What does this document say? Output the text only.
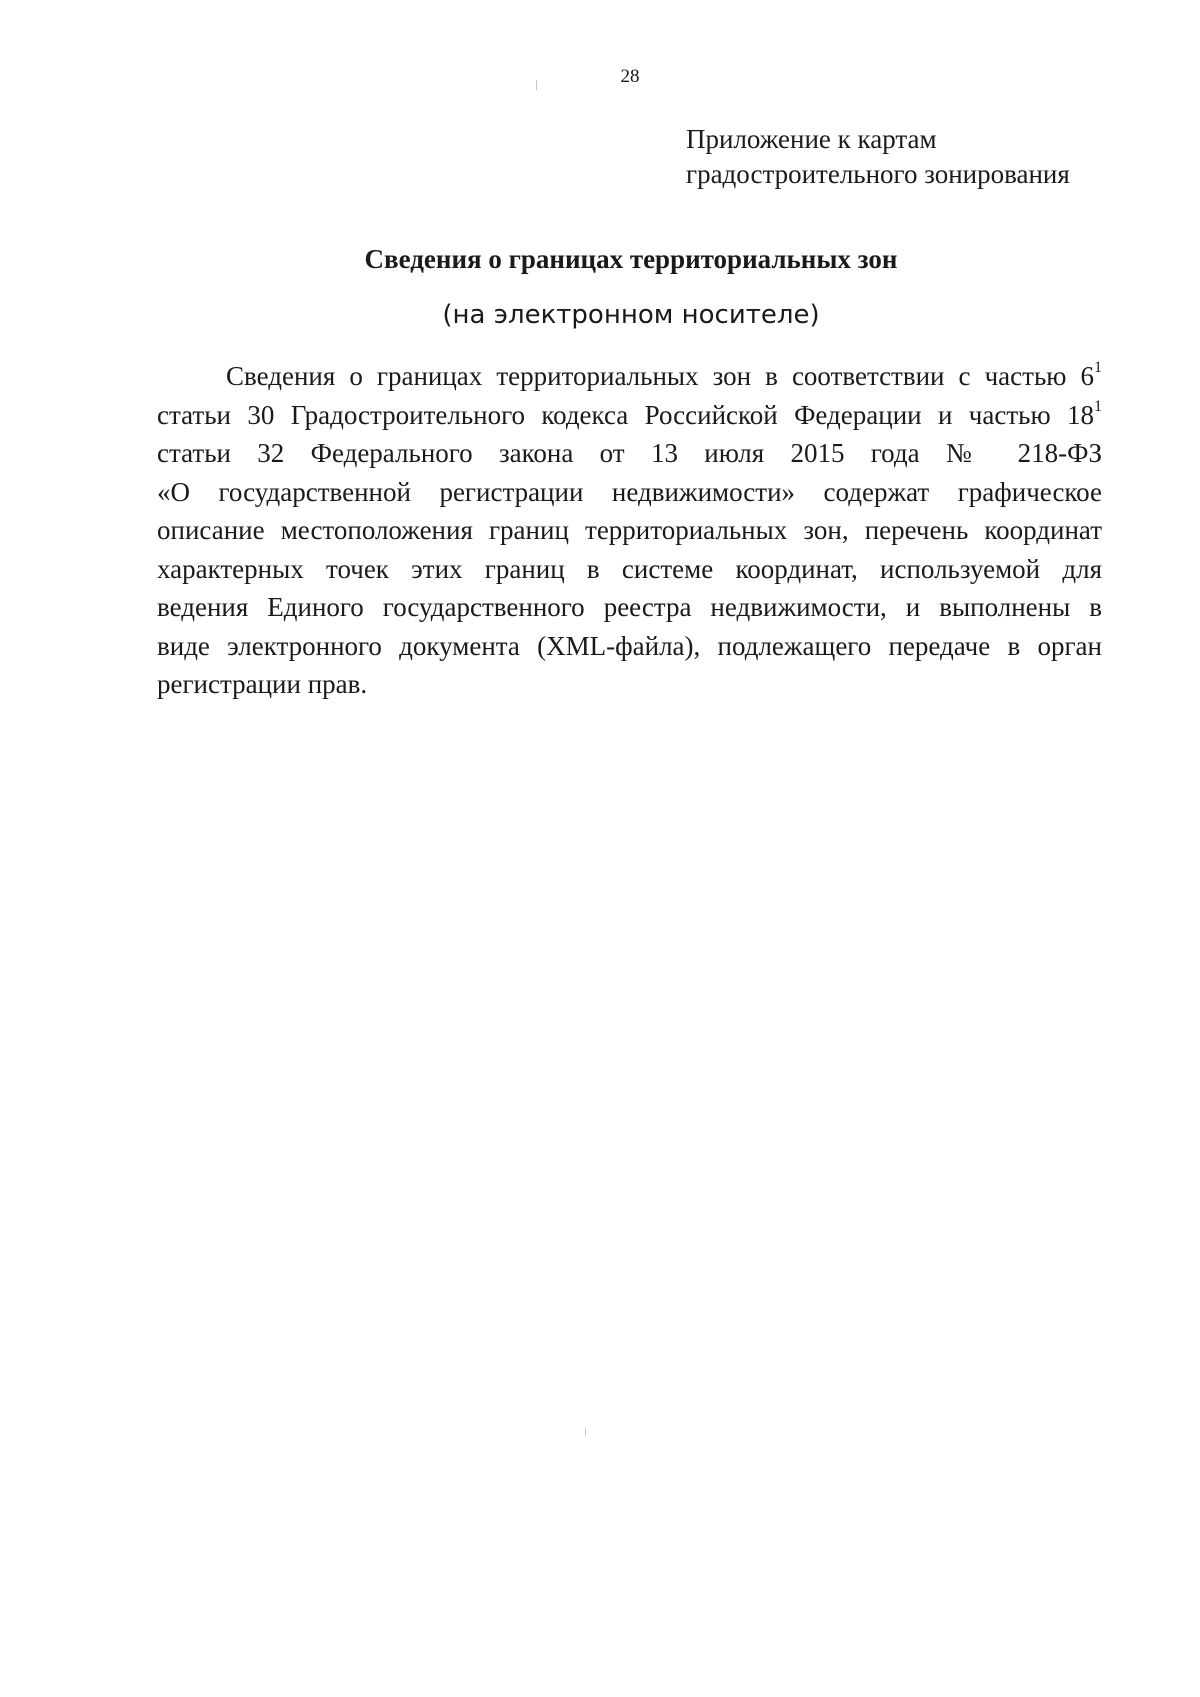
28
Приложение к картам
градостроительного зонирования
Сведения о границах территориальных зон
(на электронном носителе)
Сведения о границах территориальных зон в соответствии с частью $6^1$
статьи 30 Градостроительного кодекса Российской Федерации и частью $18^1$
статьи 32 Федерального закона от 13 июля 2015 года № 218-ФЗ
«О государственной регистрации недвижимости» содержат графическое
описание местоположения границ территориальных зон, перечень координат
характерных точек этих границ в системе координат, используемой для
ведения Единого государственного реестра недвижимости, и выполнены в
виде электронного документа (XML-файла), подлежащего передаче в орган
регистрации прав.
